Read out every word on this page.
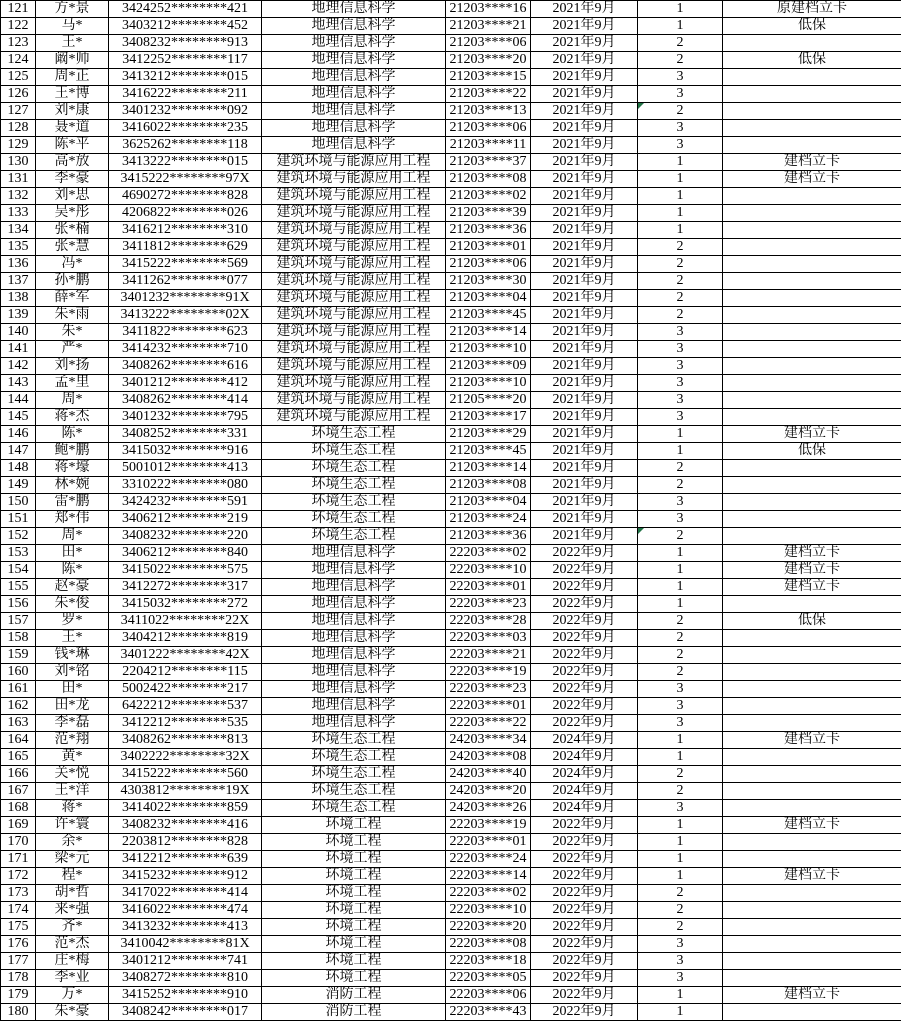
121	方*景	3424252********421	地理信息科学	21203****16	2021年9月	1	原建档立卡
122	马*	3403212********452	地理信息科学	21203****21	2021年9月	1	低保
123	王*	3408232********913	地理信息科学	21203****06	2021年9月	2	
124	阚*帅	3412252********117	地理信息科学	21203****20	2021年9月	2	低保
125	周*正	3413212********015	地理信息科学	21203****15	2021年9月	3	
126	王*博	3416222********211	地理信息科学	21203****22	2021年9月	3	
127	刘*康	3401232********092	地理信息科学	21203****13	2021年9月	2	
128	聂*道	3416022********235	地理信息科学	21203****06	2021年9月	3	
129	陈*平	3625262********118	地理信息科学	21203****11	2021年9月	3	
130	高*放	3413222********015	建筑环境与能源应用工程	21203****37	2021年9月	1	建档立卡
131	李*豪	3415222********97X	建筑环境与能源应用工程	21203****08	2021年9月	1	建档立卡
132	刘*思	4690272********828	建筑环境与能源应用工程	21203****02	2021年9月	1	
133	吴*彤	4206822********026	建筑环境与能源应用工程	21203****39	2021年9月	1	
134	张*楠	3416212********310	建筑环境与能源应用工程	21203****36	2021年9月	1	
135	张*慧	3411812********629	建筑环境与能源应用工程	21203****01	2021年9月	2	
136	冯*	3415222********569	建筑环境与能源应用工程	21203****06	2021年9月	2	
137	孙*鹏	3411262********077	建筑环境与能源应用工程	21203****30	2021年9月	2	
138	薛*军	3401232********91X	建筑环境与能源应用工程	21203****04	2021年9月	2	
139	朱*雨	3413222********02X	建筑环境与能源应用工程	21203****45	2021年9月	2	
140	朱*	3411822********623	建筑环境与能源应用工程	21203****14	2021年9月	3	
141	严*	3414232********710	建筑环境与能源应用工程	21203****10	2021年9月	3	
142	刘*扬	3408262********616	建筑环境与能源应用工程	21203****09	2021年9月	3	
143	孟*里	3401212********412	建筑环境与能源应用工程	21203****10	2021年9月	3	
144	周*	3408262********414	建筑环境与能源应用工程	21205****20	2021年9月	3	
145	蒋*杰	3401232********795	建筑环境与能源应用工程	21203****17	2021年9月	3	
146	陈*	3408252********331	环境生态工程	21203****29	2021年9月	1	建档立卡
147	鲍*鹏	3415032********916	环境生态工程	21203****45	2021年9月	1	低保
148	蒋*壕	5001012********413	环境生态工程	21203****14	2021年9月	2	
149	林*婉	3310222********080	环境生态工程	21203****08	2021年9月	2	
150	雷*鹏	3424232********591	环境生态工程	21203****04	2021年9月	3	
151	郑*伟	3406212********219	环境生态工程	21203****24	2021年9月	3	
152	周*	3408232********220	环境生态工程	21203****36	2021年9月	2	
153	田*	3406212********840	地理信息科学	22203****02	2022年9月	1	建档立卡
154	陈*	3415022********575	地理信息科学	22203****10	2022年9月	1	建档立卡
155	赵*豪	3412272********317	地理信息科学	22203****01	2022年9月	1	建档立卡
156	朱*俊	3415032********272	地理信息科学	22203****23	2022年9月	1	
157	罗*	3411022********22X	地理信息科学	22203****28	2022年9月	2	低保
158	王*	3404212********819	地理信息科学	22203****03	2022年9月	2	
159	钱*琳	3401222********42X	地理信息科学	22203****21	2022年9月	2	
160	刘*铭	2204212********115	地理信息科学	22203****19	2022年9月	2	
161	田*	5002422********217	地理信息科学	22203****23	2022年9月	3	
162	田*龙	6422212********537	地理信息科学	22203****01	2022年9月	3	
163	李*磊	3412212********535	地理信息科学	22203****22	2022年9月	3	
164	范*翔	3408262********813	环境生态工程	24203****34	2024年9月	1	建档立卡
165	黄*	3402222********32X	环境生态工程	24203****08	2024年9月	1	
166	关*悦	3415222********560	环境生态工程	24203****40	2024年9月	2	
167	王*洋	4303812********19X	环境生态工程	24203****20	2024年9月	2	
168	蒋*	3414022********859	环境生态工程	24203****26	2024年9月	3	
169	许*寰	3408232********416	环境工程	22203****19	2022年9月	1	建档立卡
170	余*	2203812********828	环境工程	22203****01	2022年9月	1	
171	梁*元	3412212********639	环境工程	22203****24	2022年9月	1	
172	程*	3415232********912	环境工程	22203****14	2022年9月	1	建档立卡
173	胡*哲	3417022********414	环境工程	22203****02	2022年9月	2	
174	来*强	3416022********474	环境工程	22203****10	2022年9月	2	
175	齐*	3413232********413	环境工程	22203****20	2022年9月	2	
176	范*杰	3410042********81X	环境工程	22203****08	2022年9月	3	
177	庄*梅	3401212********741	环境工程	22203****18	2022年9月	3	
178	李*业	3408272********810	环境工程	22203****05	2022年9月	3	
179	万*	3415252********910	消防工程	22203****06	2022年9月	1	建档立卡
180	朱*豪	3408242********017	消防工程	22203****43	2022年9月	1	
